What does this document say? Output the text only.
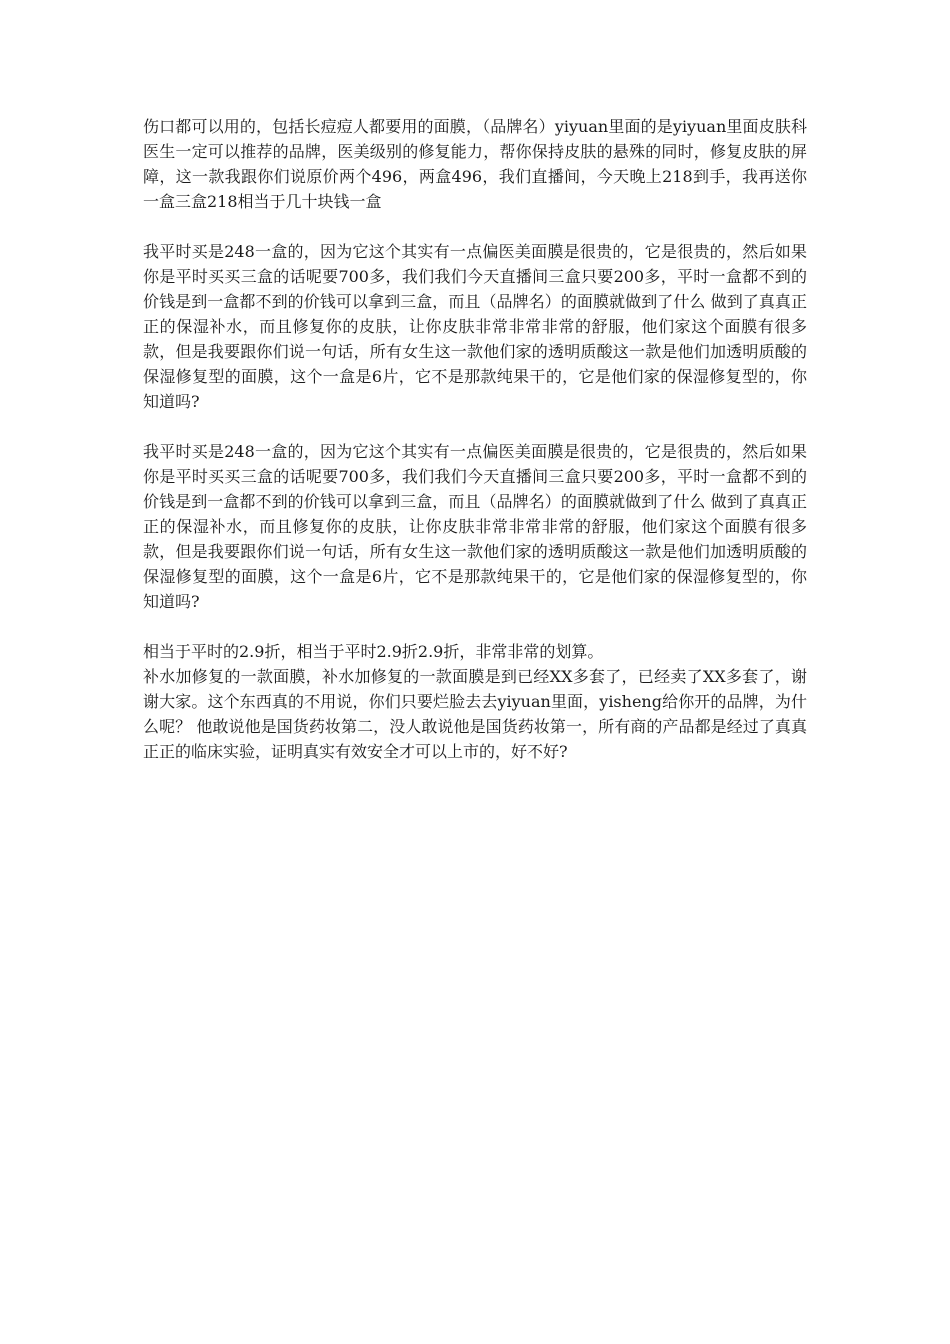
伤口都可以用的，包括长痘痘人都要用的面膜，（品牌名）yiyuan里面的是yiyuan里面皮肤科医生一定可以推荐的品牌，医美级别的修复能力，帮你保持皮肤的悬殊的同时，修复皮肤的屏障，这一款我跟你们说原价两个496，两盒496，我们直播间，今天晚上218到手，我再送你一盒三盒218相当于几十块钱一盒

我平时买是248一盒的，因为它这个其实有一点偏医美面膜是很贵的，它是很贵的，然后如果你是平时买买三盒的话呢要700多，我们我们今天直播间三盒只要200多，平时一盒都不到的价钱是到一盒都不到的价钱可以拿到三盒，而且（品牌名）的面膜就做到了什么 做到了真真正正的保湿补水，而且修复你的皮肤，让你皮肤非常非常非常的舒服，他们家这个面膜有很多款，但是我要跟你们说一句话，所有女生这一款他们家的透明质酸这一款是他们加透明质酸的保湿修复型的面膜，这个一盒是6片，它不是那款纯果干的，它是他们家的保湿修复型的，你知道吗?

我平时买是248一盒的，因为它这个其实有一点偏医美面膜是很贵的，它是很贵的，然后如果你是平时买买三盒的话呢要700多，我们我们今天直播间三盒只要200多，平时一盒都不到的价钱是到一盒都不到的价钱可以拿到三盒，而且（品牌名）的面膜就做到了什么 做到了真真正正的保湿补水，而且修复你的皮肤，让你皮肤非常非常非常的舒服，他们家这个面膜有很多款，但是我要跟你们说一句话，所有女生这一款他们家的透明质酸这一款是他们加透明质酸的保湿修复型的面膜，这个一盒是6片，它不是那款纯果干的，它是他们家的保湿修复型的，你知道吗?

相当于平时的2.9折，相当于平时2.9折2.9折，非常非常的划算。

补水加修复的一款面膜，补水加修复的一款面膜是到已经XX多套了，已经卖了XX多套了，谢谢大家。这个东西真的不用说，你们只要烂脸去去yiyuan里面，yisheng给你开的品牌，为什么呢？ 他敢说他是国货药妆第二，没人敢说他是国货药妆第一，所有商的产品都是经过了真真正正的临床实验，证明真实有效安全才可以上市的，好不好?
